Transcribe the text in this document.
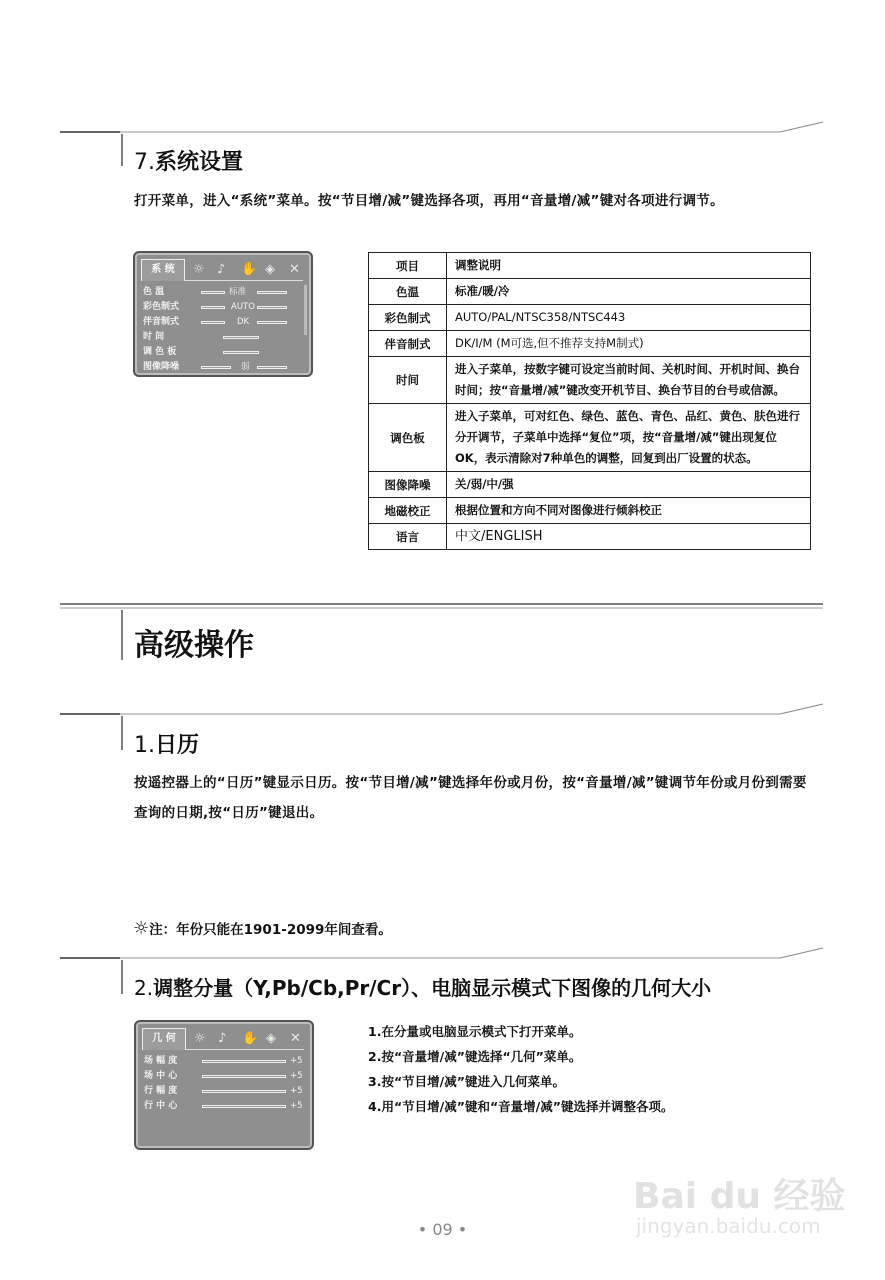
7.系统设置
打开菜单，进入“系统”菜单。按“节目增/减”键选择各项，再用“音量增/减”键对各项进行调节。
系 统	☼ ♪ ✋ ◈ ✕
色 温	标准
彩色制式	AUTO
伴音制式	DK
时 间
调 色 板
图像降噪	弱
项目	调整说明
色温	标准/暖/冷
彩色制式	AUTO/PAL/NTSC358/NTSC443
伴音制式	DK/I/M (M可选,但不推荐支持M制式)
时间	进入子菜单，按数字键可设定当前时间、关机时间、开机时间、换台时间；按“音量增/减”键改变开机节目、换台节目的台号或信源。
调色板	进入子菜单，可对红色、绿色、蓝色、青色、品红、黄色、肤色进行分开调节，子菜单中选择“复位”项，按“音量增/减”键出现复位OK，表示清除对7种单色的调整，回复到出厂设置的状态。
图像降噪	关/弱/中/强
地磁校正	根据位置和方向不同对图像进行倾斜校正
语言	中文/ENGLISH
高级操作
1.日历
按遥控器上的“日历”键显示日历。按“节目增/减”键选择年份或月份，按“音量增/减”键调节年份或月份到需要查询的日期,按“日历”键退出。
☼注：年份只能在1901-2099年间查看。
2.调整分量（Y,Pb/Cb,Pr/Cr）、电脑显示模式下图像的几何大小
几 何	☼ ♪ ✋ ◈ ✕
场 幅 度	+5
场 中 心	+5
行 幅 度	+5
行 中 心	+5
1.在分量或电脑显示模式下打开菜单。
2.按“音量增/减”键选择“几何”菜单。
3.按“节目增/减”键进入几何菜单。
4.用“节目增/减”键和“音量增/减”键选择并调整各项。
Bai du 经验
jingyan.baidu.com
• 09 •
